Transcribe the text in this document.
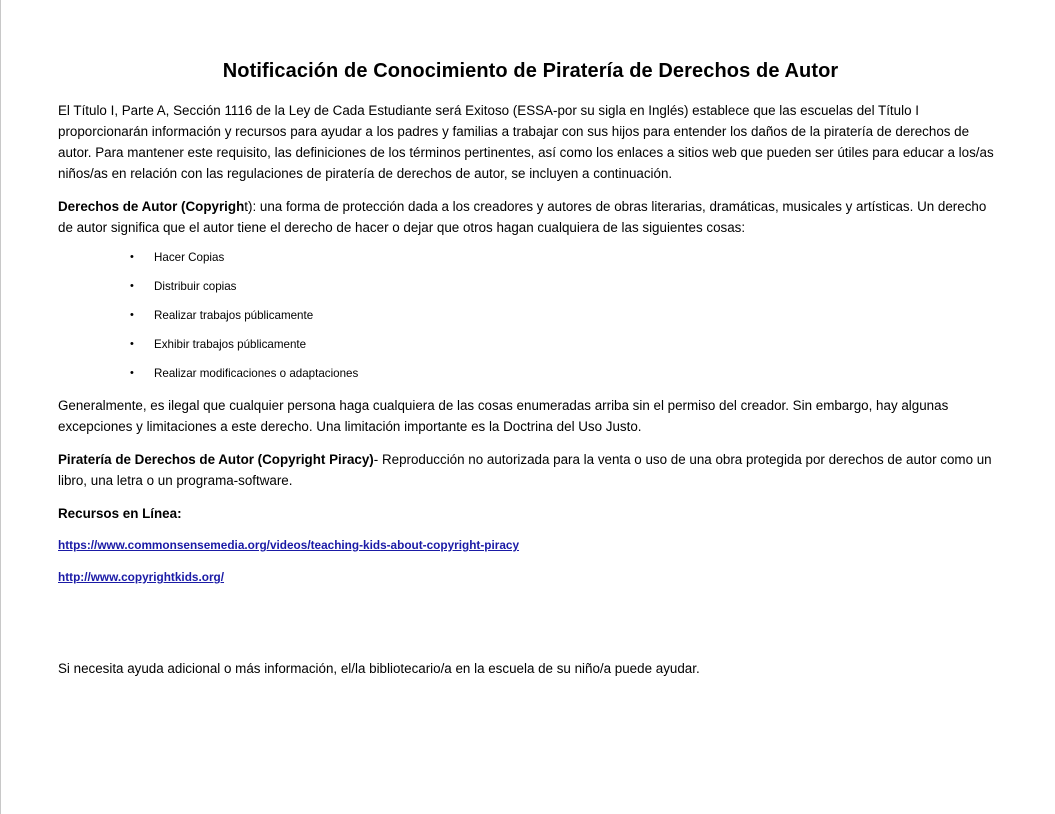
Notificación de Conocimiento de Piratería de Derechos de Autor

El Título I, Parte A, Sección 1116 de la Ley de Cada Estudiante será Exitoso (ESSA-por su sigla en Inglés) establece que las escuelas del Título I proporcionarán información y recursos para ayudar a los padres y familias a trabajar con sus hijos para entender los daños de la piratería de derechos de autor. Para mantener este requisito, las definiciones de los términos pertinentes, así como los enlaces a sitios web que pueden ser útiles para educar a los/as niños/as en relación con las regulaciones de piratería de derechos de autor, se incluyen a continuación.

Derechos de Autor (Copyright): una forma de protección dada a los creadores y autores de obras literarias, dramáticas, musicales y artísticas. Un derecho de autor significa que el autor tiene el derecho de hacer o dejar que otros hagan cualquiera de las siguientes cosas:

• Hacer Copias
• Distribuir copias
• Realizar trabajos públicamente
• Exhibir trabajos públicamente
• Realizar modificaciones o adaptaciones

Generalmente, es ilegal que cualquier persona haga cualquiera de las cosas enumeradas arriba sin el permiso del creador. Sin embargo, hay algunas excepciones y limitaciones a este derecho. Una limitación importante es la Doctrina del Uso Justo.

Piratería de Derechos de Autor (Copyright Piracy)- Reproducción no autorizada para la venta o uso de una obra protegida por derechos de autor como un libro, una letra o un programa-software.

Recursos en Línea:

https://www.commonsensemedia.org/videos/teaching-kids-about-copyright-piracy

http://www.copyrightkids.org/

Si necesita ayuda adicional o más información, el/la bibliotecario/a en la escuela de su niño/a puede ayudar.
